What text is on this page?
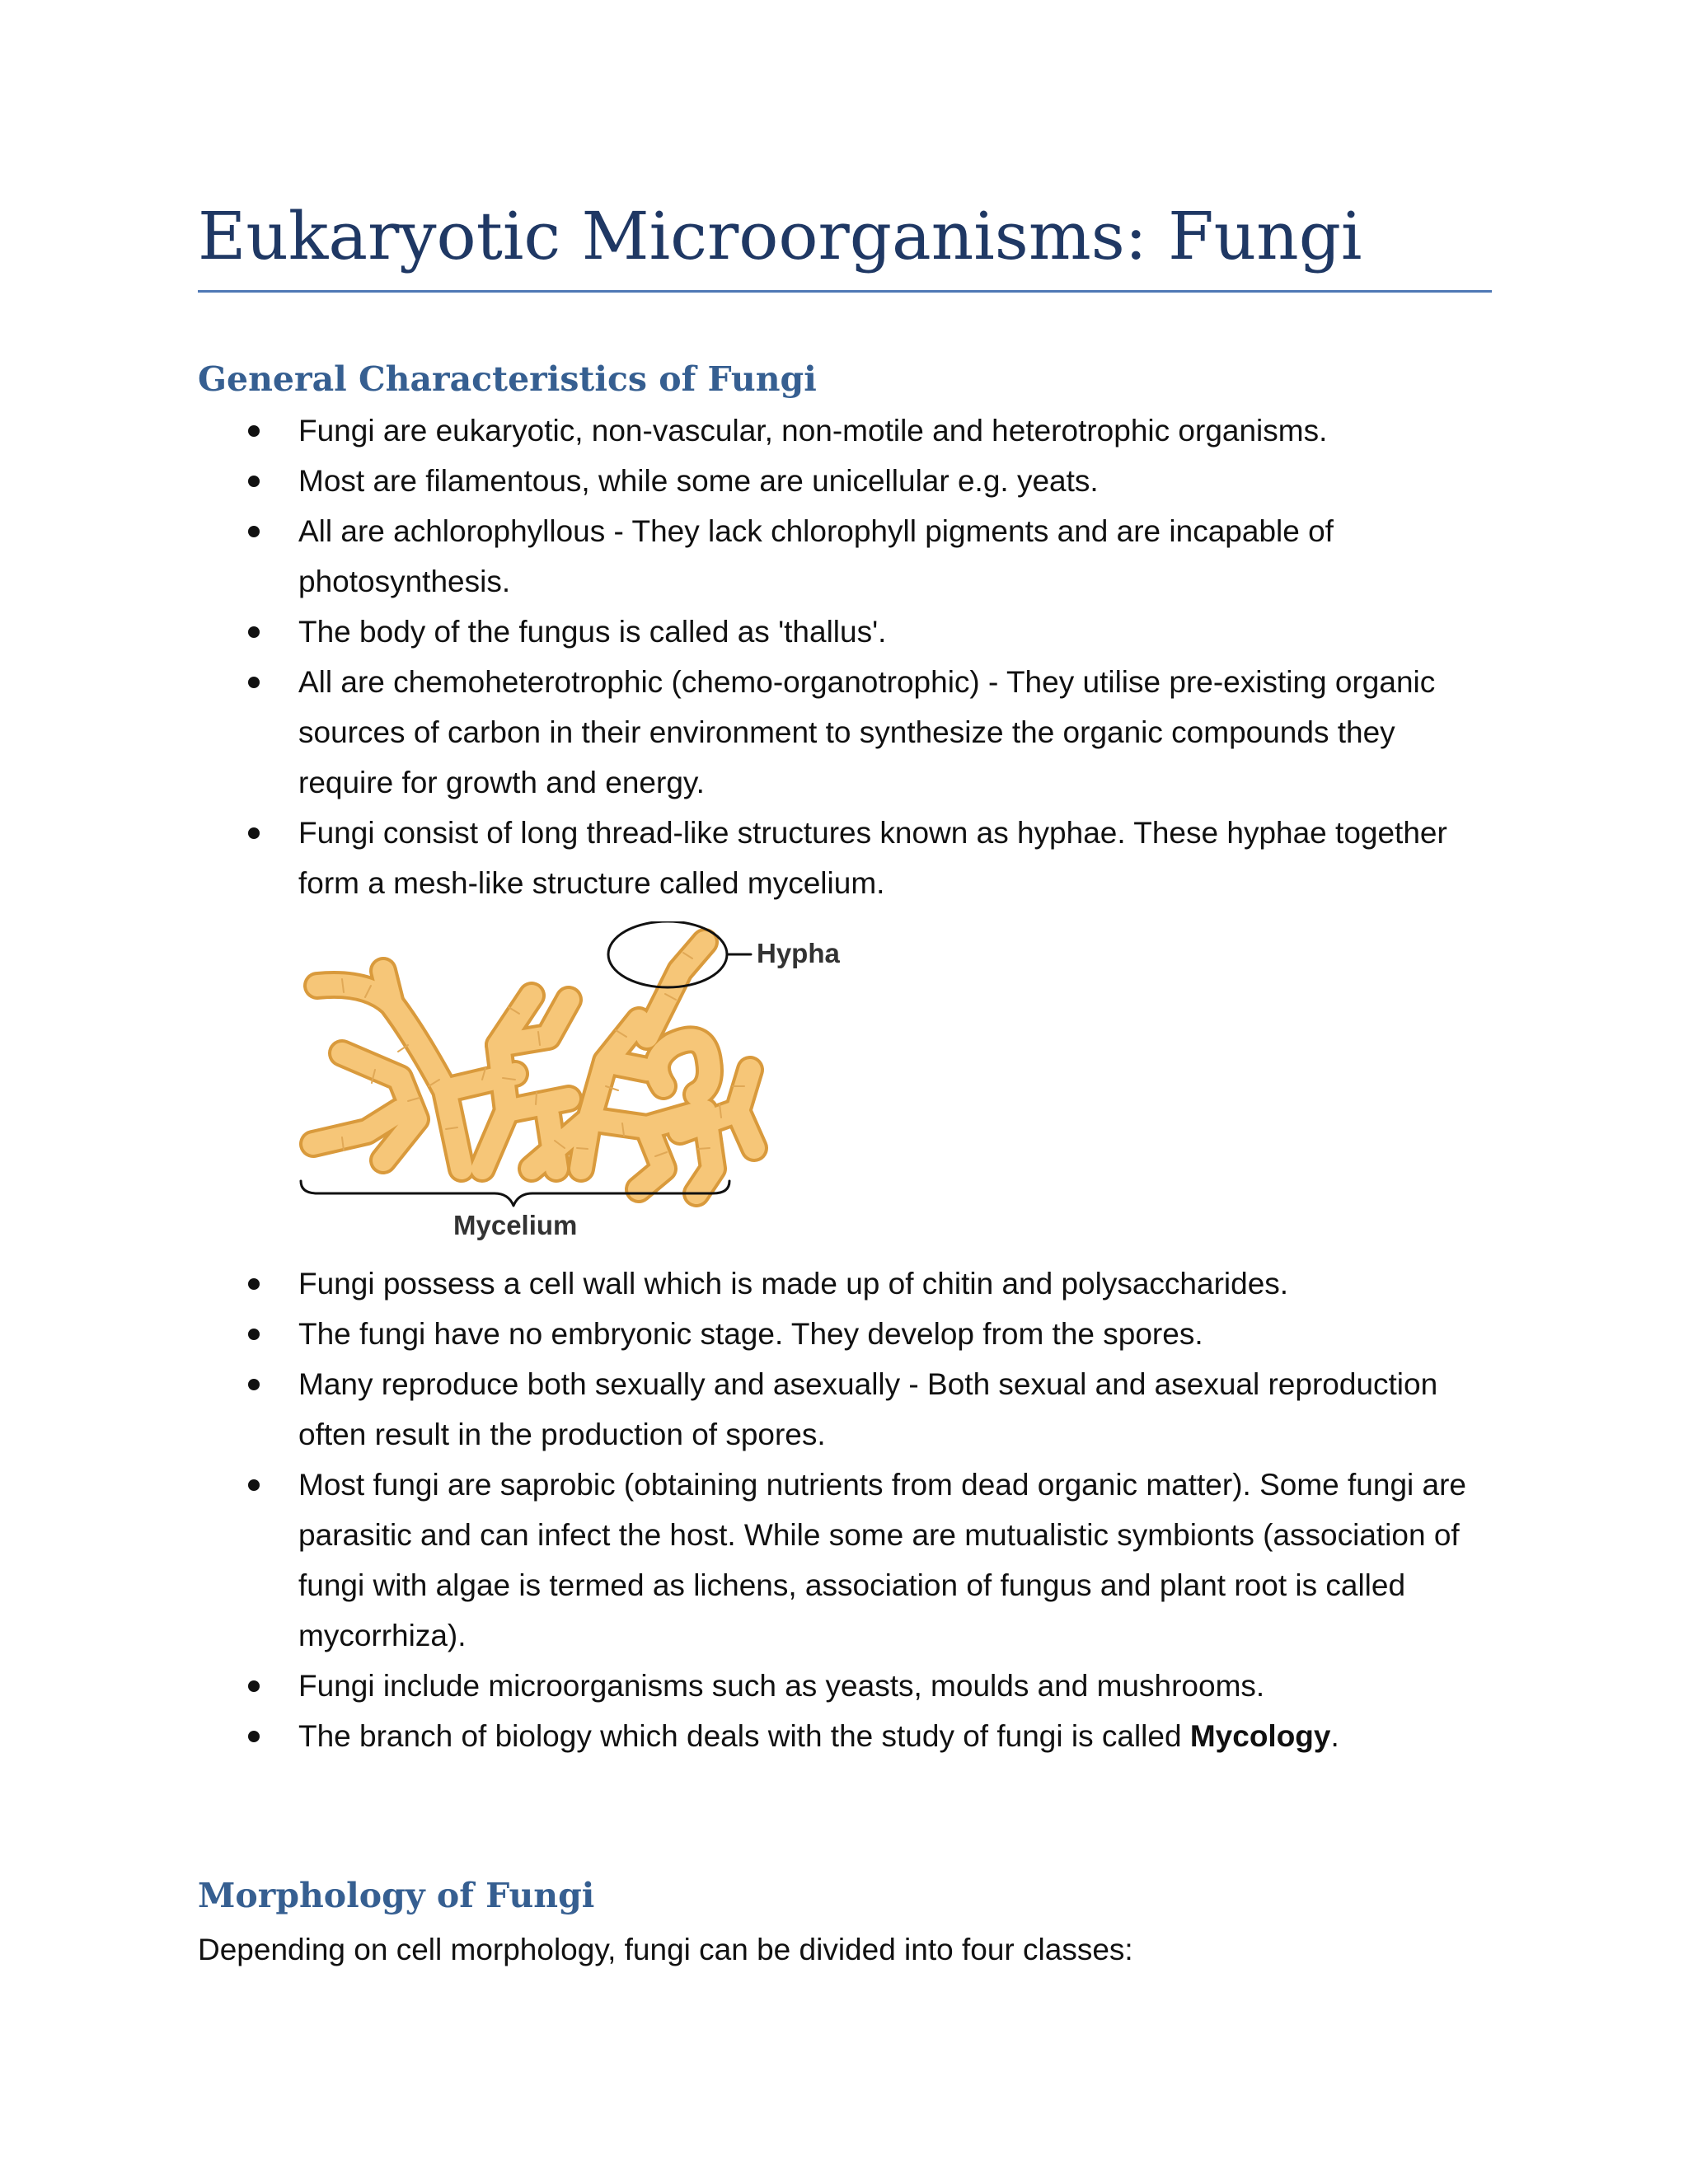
Eukaryotic Microorganisms: Fungi
General Characteristics of Fungi
Fungi are eukaryotic, non-vascular, non-motile and heterotrophic organisms.
Most are filamentous, while some are unicellular e.g. yeats.
All are achlorophyllous - They lack chlorophyll pigments and are incapable of photosynthesis.
The body of the fungus is called as 'thallus'.
All are chemoheterotrophic (chemo-organotrophic) - They utilise pre-existing organic sources of carbon in their environment to synthesize the organic compounds they require for growth and energy.
Fungi consist of long thread-like structures known as hyphae. These hyphae together form a mesh-like structure called mycelium.
Hypha
Mycelium
Fungi possess a cell wall which is made up of chitin and polysaccharides.
The fungi have no embryonic stage. They develop from the spores.
Many reproduce both sexually and asexually - Both sexual and asexual reproduction often result in the production of spores.
Most fungi are saprobic (obtaining nutrients from dead organic matter). Some fungi are parasitic and can infect the host. While some are mutualistic symbionts (association of fungi with algae is termed as lichens, association of fungus and plant root is called mycorrhiza).
Fungi include microorganisms such as yeasts, moulds and mushrooms.
The branch of biology which deals with the study of fungi is called Mycology.
Morphology of Fungi

Depending on cell morphology, fungi can be divided into four classes:
